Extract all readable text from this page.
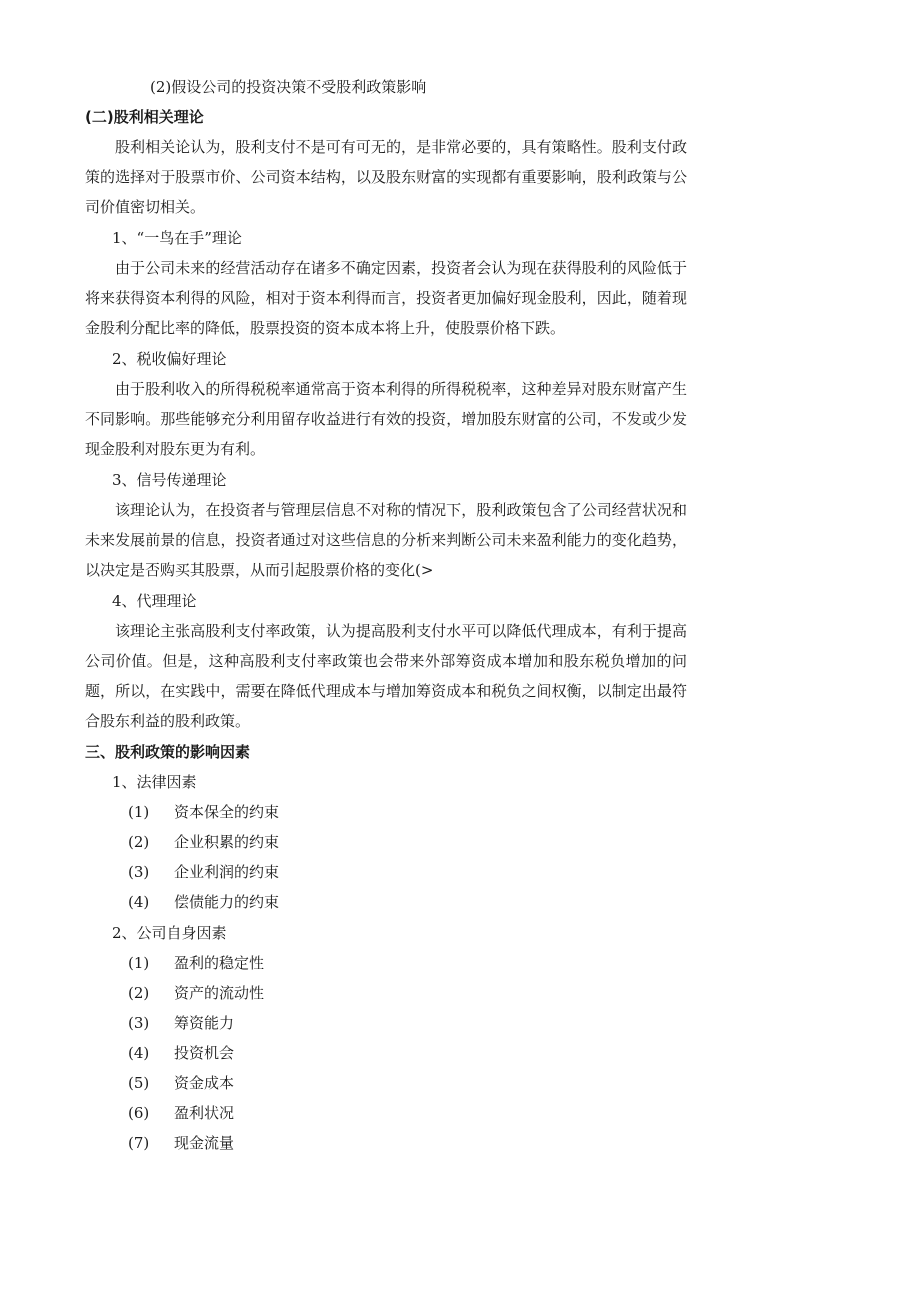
(2)假设公司的投资决策不受股利政策影响
(二)股利相关理论

股利相关论认为，股利支付不是可有可无的，是非常必要的，具有策略性。股利支付政策的选择对于股票市价、公司资本结构，以及股东财富的实现都有重要影响，股利政策与公司价值密切相关。

1、“一鸟在手”理论

由于公司未来的经营活动存在诸多不确定因素，投资者会认为现在获得股利的风险低于将来获得资本利得的风险，相对于资本利得而言，投资者更加偏好现金股利，因此，随着现金股利分配比率的降低，股票投资的资本成本将上升，使股票价格下跌。

2、税收偏好理论

由于股利收入的所得税税率通常高于资本利得的所得税税率，这种差异对股东财富产生不同影响。那些能够充分利用留存收益进行有效的投资，增加股东财富的公司，不发或少发现金股利对股东更为有利。

3、信号传递理论

该理论认为，在投资者与管理层信息不对称的情况下，股利政策包含了公司经营状况和未来发展前景的信息，投资者通过对这些信息的分析来判断公司未来盈利能力的变化趋势，以决定是否购买其股票，从而引起股票价格的变化(>

4、代理理论

该理论主张高股利支付率政策，认为提高股利支付水平可以降低代理成本，有利于提高公司价值。但是，这种高股利支付率政策也会带来外部筹资成本增加和股东税负增加的问题，所以，在实践中，需要在降低代理成本与增加筹资成本和税负之间权衡，以制定出最符合股东利益的股利政策。

三、股利政策的影响因素
1、法律因素
(1) 资本保全的约束
(2) 企业积累的约束
(3) 企业利润的约束
(4) 偿债能力的约束
2、公司自身因素
(1) 盈利的稳定性
(2) 资产的流动性
(3) 筹资能力
(4) 投资机会
(5) 资金成本
(6) 盈利状况
(7) 现金流量
